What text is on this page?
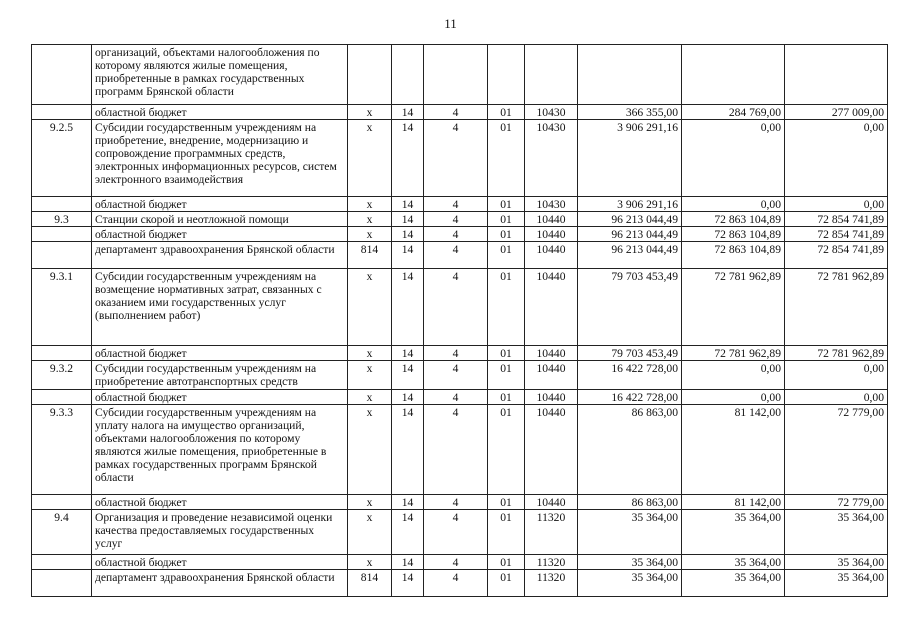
11
	организаций, объектами налогообложения по которому являются жилые помещения, приобретенные в рамках государственных программ Брянской области								
	областной бюджет	х	14	4	01	10430	366 355,00	284 769,00	277 009,00
9.2.5	Субсидии государственным учреждениям на приобретение, внедрение, модернизацию и сопровождение программных средств, электронных информационных ресурсов, систем электронного взаимодействия	х	14	4	01	10430	3 906 291,16	0,00	0,00
	областной бюджет	х	14	4	01	10430	3 906 291,16	0,00	0,00
9.3	Станции скорой и неотложной помощи	х	14	4	01	10440	96 213 044,49	72 863 104,89	72 854 741,89
	областной бюджет	х	14	4	01	10440	96 213 044,49	72 863 104,89	72 854 741,89
	департамент здравоохранения Брянской области	814	14	4	01	10440	96 213 044,49	72 863 104,89	72 854 741,89
9.3.1	Субсидии государственным учреждениям на возмещение нормативных затрат, связанных с оказанием ими государственных услуг (выполнением работ)	х	14	4	01	10440	79 703 453,49	72 781 962,89	72 781 962,89
	областной бюджет	х	14	4	01	10440	79 703 453,49	72 781 962,89	72 781 962,89
9.3.2	Субсидии государственным учреждениям на приобретение автотранспортных средств	х	14	4	01	10440	16 422 728,00	0,00	0,00
	областной бюджет	х	14	4	01	10440	16 422 728,00	0,00	0,00
9.3.3	Субсидии государственным учреждениям на уплату налога на имущество организаций, объектами налогообложения по которому являются жилые помещения, приобретенные в рамках государственных программ Брянской области	х	14	4	01	10440	86 863,00	81 142,00	72 779,00
	областной бюджет	х	14	4	01	10440	86 863,00	81 142,00	72 779,00
9.4	Организация и проведение независимой оценки качества предоставляемых государственных услуг	х	14	4	01	11320	35 364,00	35 364,00	35 364,00
	областной бюджет	х	14	4	01	11320	35 364,00	35 364,00	35 364,00
	департамент здравоохранения Брянской области	814	14	4	01	11320	35 364,00	35 364,00	35 364,00
